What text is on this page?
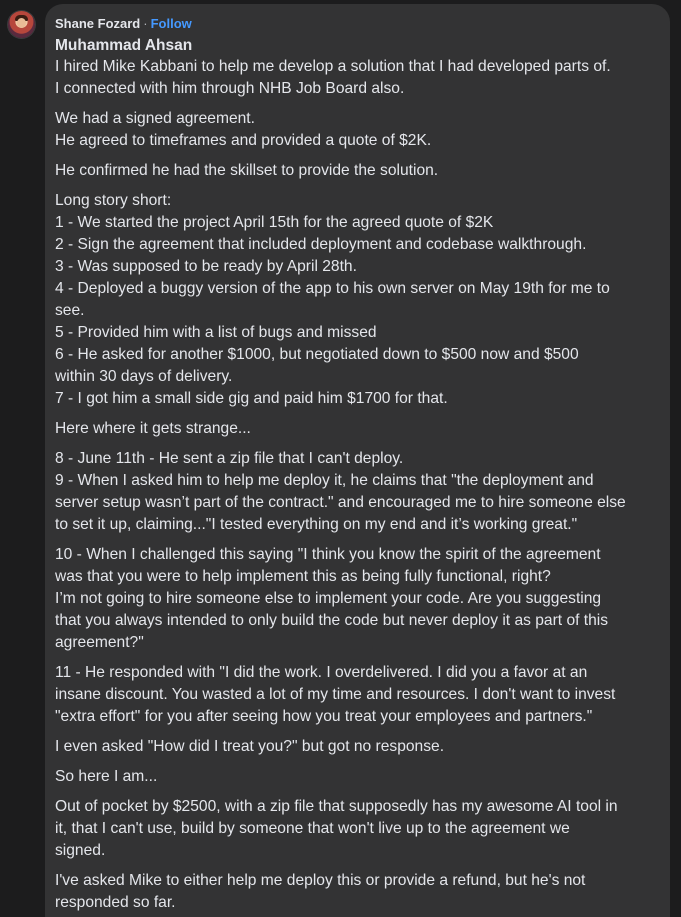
Shane Fozard · Follow
Muhammad Ahsan
I hired Mike Kabbani to help me develop a solution that I had developed parts of.
I connected with him through NHB Job Board also.
We had a signed agreement.
He agreed to timeframes and provided a quote of $2K.
He confirmed he had the skillset to provide the solution.
Long story short:
1 - We started the project April 15th for the agreed quote of $2K
2 - Sign the agreement that included deployment and codebase walkthrough.
3 - Was supposed to be ready by April 28th.
4 - Deployed a buggy version of the app to his own server on May 19th for me to
see.
5 - Provided him with a list of bugs and missed
6 - He asked for another $1000, but negotiated down to $500 now and $500
within 30 days of delivery.
7 - I got him a small side gig and paid him $1700 for that.
Here where it gets strange...
8 - June 11th - He sent a zip file that I can't deploy.
9 - When I asked him to help me deploy it, he claims that "the deployment and
server setup wasn’t part of the contract." and encouraged me to hire someone else
to set it up, claiming..."I tested everything on my end and it’s working great."
10 - When I challenged this saying "I think you know the spirit of the agreement
was that you were to help implement this as being fully functional, right?
I’m not going to hire someone else to implement your code. Are you suggesting
that you always intended to only build the code but never deploy it as part of this
agreement?"
11 - He responded with "I did the work. I overdelivered. I did you a favor at an
insane discount. You wasted a lot of my time and resources. I don't want to invest
"extra effort" for you after seeing how you treat your employees and partners."
I even asked "How did I treat you?" but got no response.
So here I am...
Out of pocket by $2500, with a zip file that supposedly has my awesome AI tool in
it, that I can't use, build by someone that won't live up to the agreement we
signed.
I've asked Mike to either help me deploy this or provide a refund, but he's not
responded so far.
